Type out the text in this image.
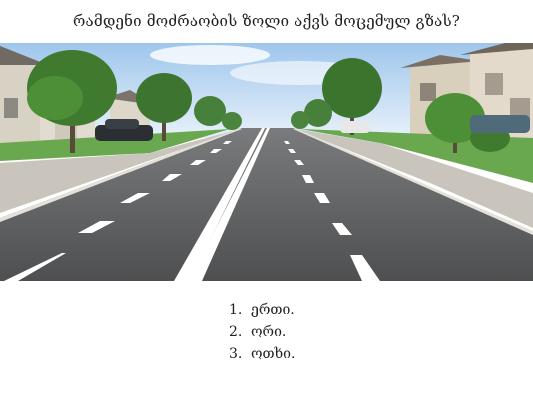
რამდენი მოძრაობის ზოლი აქვს მოცემულ გზას?
1. ერთი.
2. ორი.
3. ოთხი.
